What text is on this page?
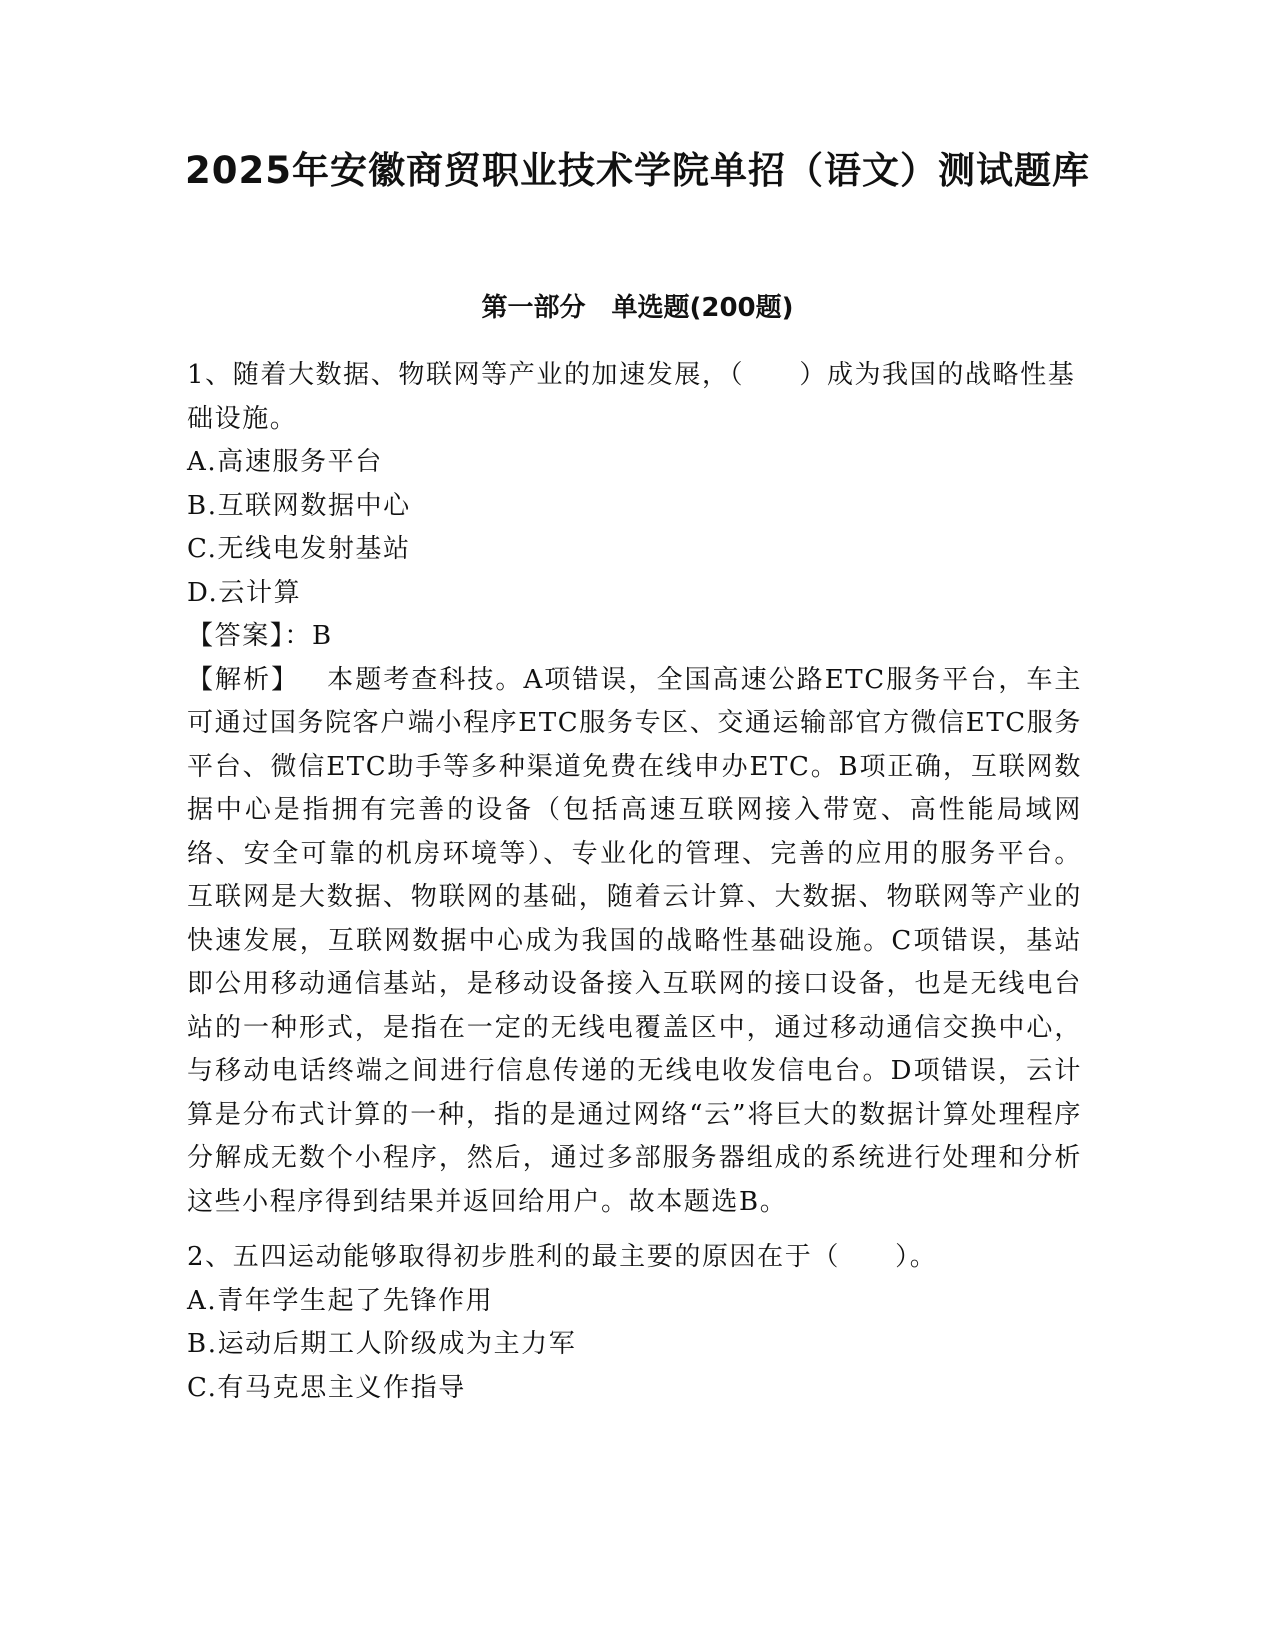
2025年安徽商贸职业技术学院单招（语文）测试题库
第一部分　单选题(200题)

1、随着大数据、物联网等产业的加速发展，（　　）成为我国的战略性基础设施。

A.高速服务平台

B.互联网数据中心

C.无线电发射基站

D.云计算

【答案】：B

【解析】 本题考查科技。A项错误，全国高速公路ETC服务平台，车主可通过国务院客户端小程序ETC服务专区、交通运输部官方微信ETC服务平台、微信ETC助手等多种渠道免费在线申办ETC。B项正确，互联网数据中心是指拥有完善的设备（包括高速互联网接入带宽、高性能局域网络、安全可靠的机房环境等）、专业化的管理、完善的应用的服务平台。互联网是大数据、物联网的基础，随着云计算、大数据、物联网等产业的快速发展，互联网数据中心成为我国的战略性基础设施。C项错误，基站即公用移动通信基站，是移动设备接入互联网的接口设备，也是无线电台站的一种形式，是指在一定的无线电覆盖区中，通过移动通信交换中心，与移动电话终端之间进行信息传递的无线电收发信电台。D项错误，云计算是分布式计算的一种，指的是通过网络“云”将巨大的数据计算处理程序分解成无数个小程序，然后，通过多部服务器组成的系统进行处理和分析这些小程序得到结果并返回给用户。故本题选B。

2、五四运动能够取得初步胜利的最主要的原因在于（　　）。

A.青年学生起了先锋作用

B.运动后期工人阶级成为主力军

C.有马克思主义作指导
